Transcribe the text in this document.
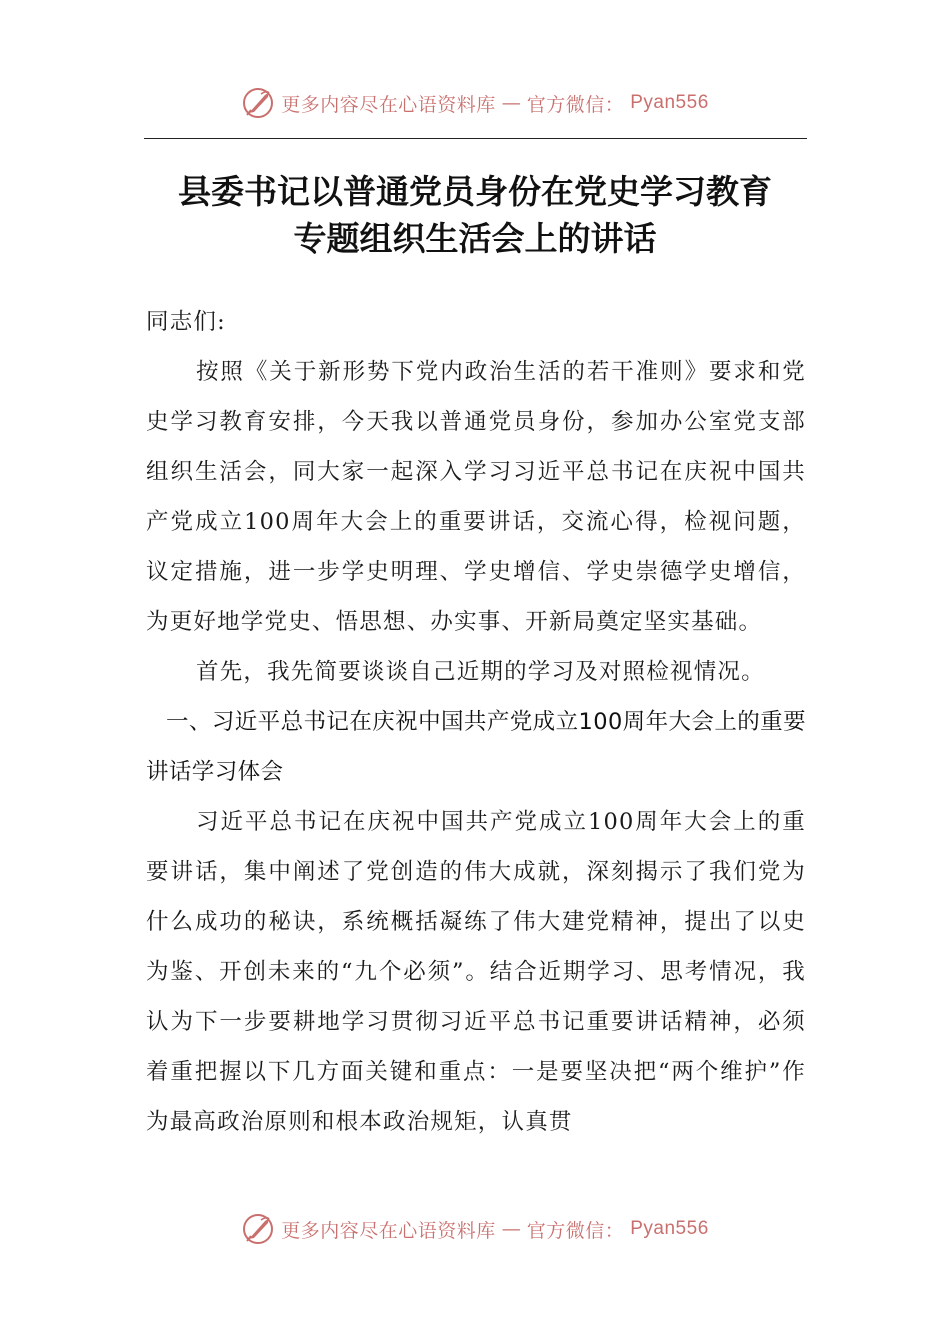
更多内容尽在心语资料库 — 官方微信： Pyan556
县委书记以普通党员身份在党史学习教育
专题组织生活会上的讲话

同志们:

按照《关于新形势下党内政治生活的若干准则》要求和党史学习教育安排，今天我以普通党员身份，参加办公室党支部组织生活会，同大家一起深入学习习近平总书记在庆祝中国共产党成立100周年大会上的重要讲话，交流心得，检视问题，议定措施，进一步学史明理、学史增信、学史崇德学史增信，为更好地学党史、悟思想、办实事、开新局奠定坚实基础。

首先，我先简要谈谈自己近期的学习及对照检视情况。

一、习近平总书记在庆祝中国共产党成立100周年大会上的重要讲话学习体会

习近平总书记在庆祝中国共产党成立100周年大会上的重要讲话，集中阐述了党创造的伟大成就，深刻揭示了我们党为什么成功的秘诀，系统概括凝练了伟大建党精神，提出了以史为鉴、开创未来的“九个必须”。结合近期学习、思考情况，我认为下一步要耕地学习贯彻习近平总书记重要讲话精神，必须着重把握以下几方面关键和重点：一是要坚决把“两个维护”作为最高政治原则和根本政治规矩，认真贯

更多内容尽在心语资料库 — 官方微信： Pyan556
